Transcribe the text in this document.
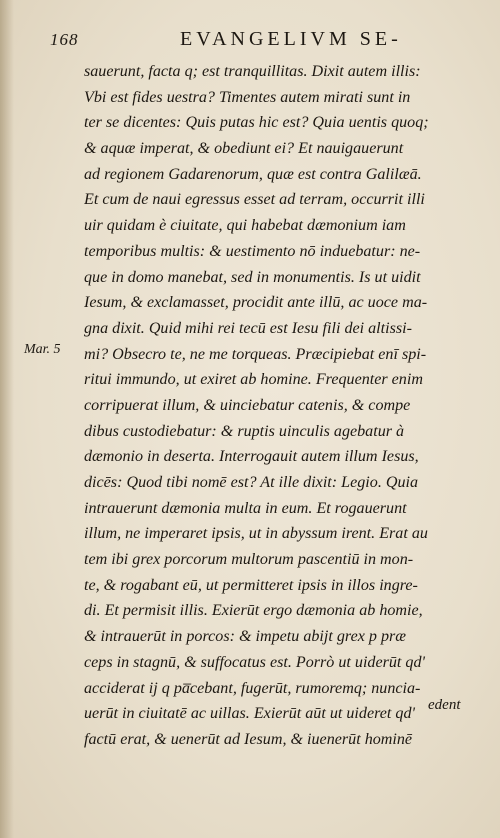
168	EVANGELIVM SE-
Mar. 5
sauerunt, facta q; est tranquillitas. Dixit autem illis:
Vbi est fides uestra? Timentes autem mirati sunt in
ter se dicentes: Quis putas hic est? Quia uentis quoq;
& aquæ imperat, & obediunt ei? Et nauigauerunt
ad regionem Gadarenorum, quæ est contra Galilæā.
Et cum de naui egressus esset ad terram, occurrit illi
uir quidam è ciuitate, qui habebat dæmonium iam
temporibus multis: & uestimento nō induebatur: ne-
que in domo manebat, sed in monumentis. Is ut uidit
Iesum, & exclamasset, procidit ante illū, ac uoce ma-
gna dixit. Quid mihi rei tecū est Iesu fili dei altissi-
mi? Obsecro te, ne me torqueas. Præcipiebat enī spi-
ritui immundo, ut exiret ab homine. Frequenter enim
corripuerat illum, & uinciebatur catenis, & compe
dibus custodiebatur: & ruptis uinculis agebatur à
dæmonio in deserta. Interrogauit autem illum Iesus,
dicēs: Quod tibi nomē est? At ille dixit: Legio. Quia
intrauerunt dæmonia multa in eum. Et rogauerunt
illum, ne imperaret ipsis, ut in abyssum irent. Erat au
tem ibi grex porcorum multorum pascentiū in mon-
te, & rogabant eū, ut permitteret ipsis in illos ingre-
di. Et permisit illis. Exierūt ergo dæmonia ab homie,
& intrauerūt in porcos: & impetu abijt grex p præ
ceps in stagnū, & suffocatus est. Porrò ut uiderūt qd'
acciderat ij q pa̅cebant, fugerūt, rumoremq; nuncia-
uerūt in ciuitatē ac uillas. Exierūt aūt ut uideret qd'
factū erat, & uenerūt ad Iesum, & iuenerūt hominē
edent
